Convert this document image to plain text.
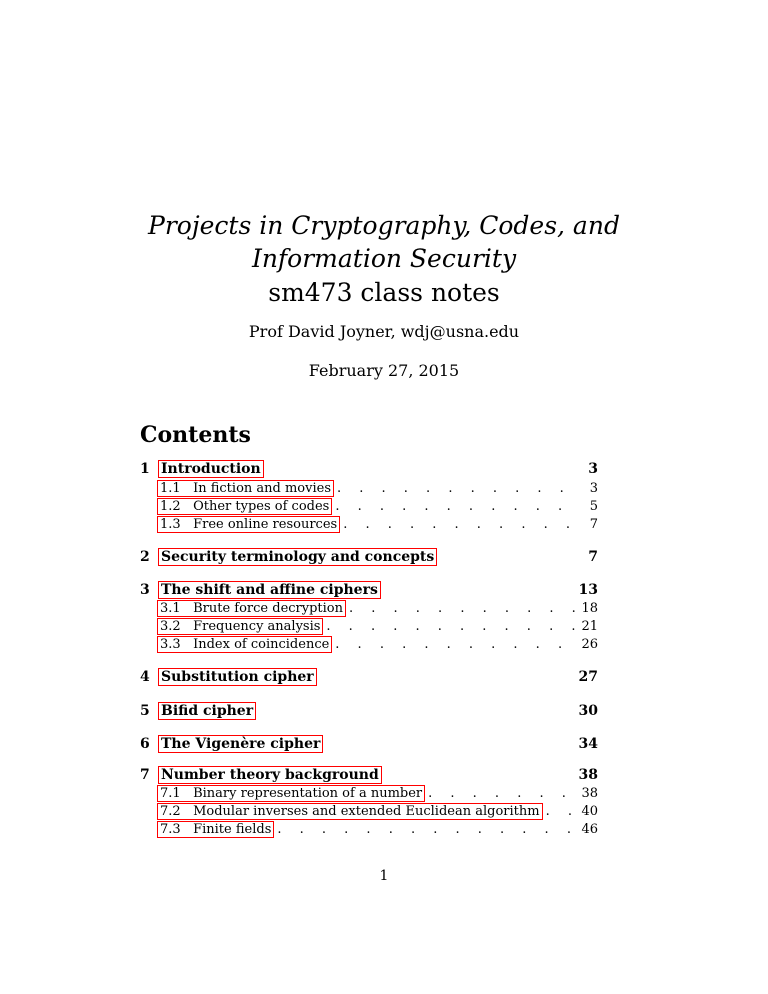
Projects in Cryptography, Codes, and
Information Security
sm473 class notes
Prof David Joyner, wdj@usna.edu
February 27, 2015
Contents
1 Introduction	3
1.1 In fiction and movies . . .	3
1.2 Other types of codes . . .	5
1.3 Free online resources . . .	7
2 Security terminology and concepts	7
3 The shift and affine ciphers	13
3.1 Brute force decryption . . .	18
3.2 Frequency analysis . . .	21
3.3 Index of coincidence . . .	26
4 Substitution cipher	27
5 Bifid cipher	30
6 The Vigenère cipher	34
7 Number theory background	38
7.1 Binary representation of a number . . .	38
7.2 Modular inverses and extended Euclidean algorithm . . .	40
7.3 Finite fields . . .	46
1
